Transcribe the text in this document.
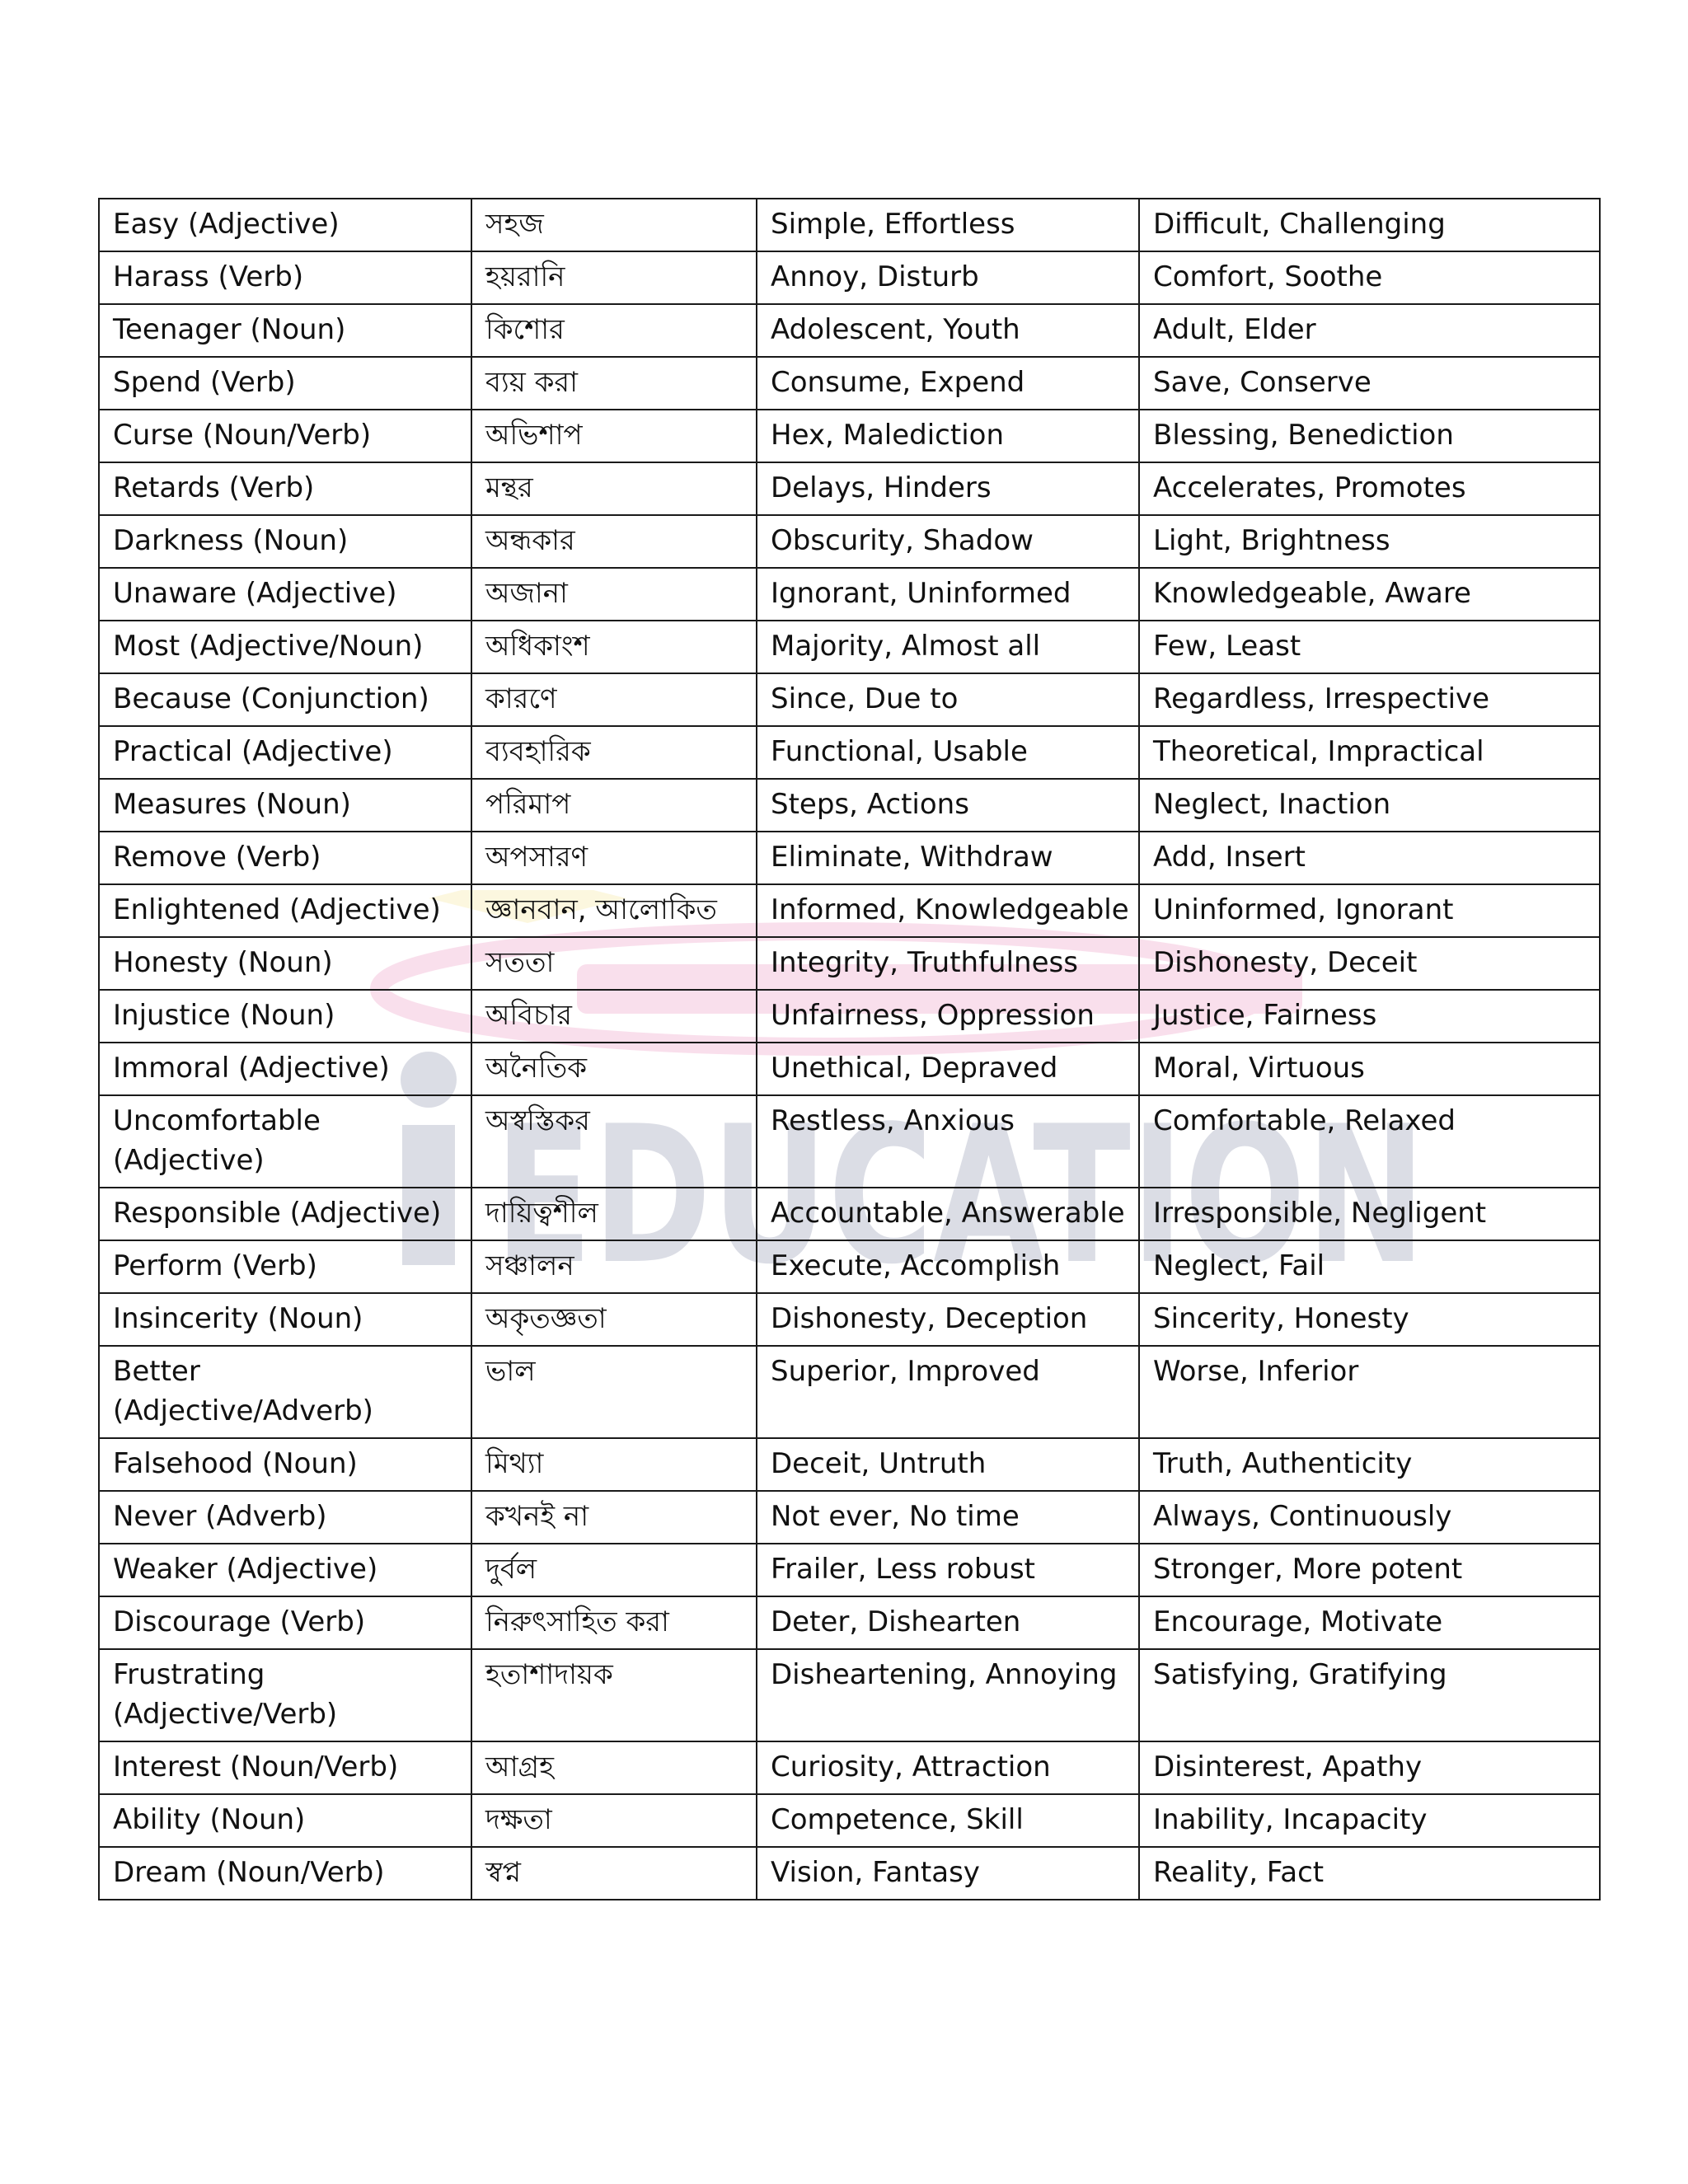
EDUCATION
Easy (Adjective)	সহজ	Simple, Effortless	Difficult, Challenging
Harass (Verb)	হয়রানি	Annoy, Disturb	Comfort, Soothe
Teenager (Noun)	কিশোর	Adolescent, Youth	Adult, Elder
Spend (Verb)	ব্যয় করা	Consume, Expend	Save, Conserve
Curse (Noun/Verb)	অভিশাপ	Hex, Malediction	Blessing, Benediction
Retards (Verb)	মন্থর	Delays, Hinders	Accelerates, Promotes
Darkness (Noun)	অন্ধকার	Obscurity, Shadow	Light, Brightness
Unaware (Adjective)	অজানা	Ignorant, Uninformed	Knowledgeable, Aware
Most (Adjective/Noun)	অধিকাংশ	Majority, Almost all	Few, Least
Because (Conjunction)	কারণে	Since, Due to	Regardless, Irrespective
Practical (Adjective)	ব্যবহারিক	Functional, Usable	Theoretical, Impractical
Measures (Noun)	পরিমাপ	Steps, Actions	Neglect, Inaction
Remove (Verb)	অপসারণ	Eliminate, Withdraw	Add, Insert
Enlightened (Adjective)	জ্ঞানবান, আলোকিত	Informed, Knowledgeable	Uninformed, Ignorant
Honesty (Noun)	সততা	Integrity, Truthfulness	Dishonesty, Deceit
Injustice (Noun)	অবিচার	Unfairness, Oppression	Justice, Fairness
Immoral (Adjective)	অনৈতিক	Unethical, Depraved	Moral, Virtuous
Uncomfortable (Adjective)	অস্বস্তিকর	Restless, Anxious	Comfortable, Relaxed
Responsible (Adjective)	দায়িত্বশীল	Accountable, Answerable	Irresponsible, Negligent
Perform (Verb)	সঞ্চালন	Execute, Accomplish	Neglect, Fail
Insincerity (Noun)	অকৃতজ্ঞতা	Dishonesty, Deception	Sincerity, Honesty
Better (Adjective/Adverb)	ভাল	Superior, Improved	Worse, Inferior
Falsehood (Noun)	মিথ্যা	Deceit, Untruth	Truth, Authenticity
Never (Adverb)	কখনই না	Not ever, No time	Always, Continuously
Weaker (Adjective)	দুর্বল	Frailer, Less robust	Stronger, More potent
Discourage (Verb)	নিরুৎসাহিত করা	Deter, Dishearten	Encourage, Motivate
Frustrating (Adjective/Verb)	হতাশাদায়ক	Disheartening, Annoying	Satisfying, Gratifying
Interest (Noun/Verb)	আগ্রহ	Curiosity, Attraction	Disinterest, Apathy
Ability (Noun)	দক্ষতা	Competence, Skill	Inability, Incapacity
Dream (Noun/Verb)	স্বপ্ন	Vision, Fantasy	Reality, Fact
